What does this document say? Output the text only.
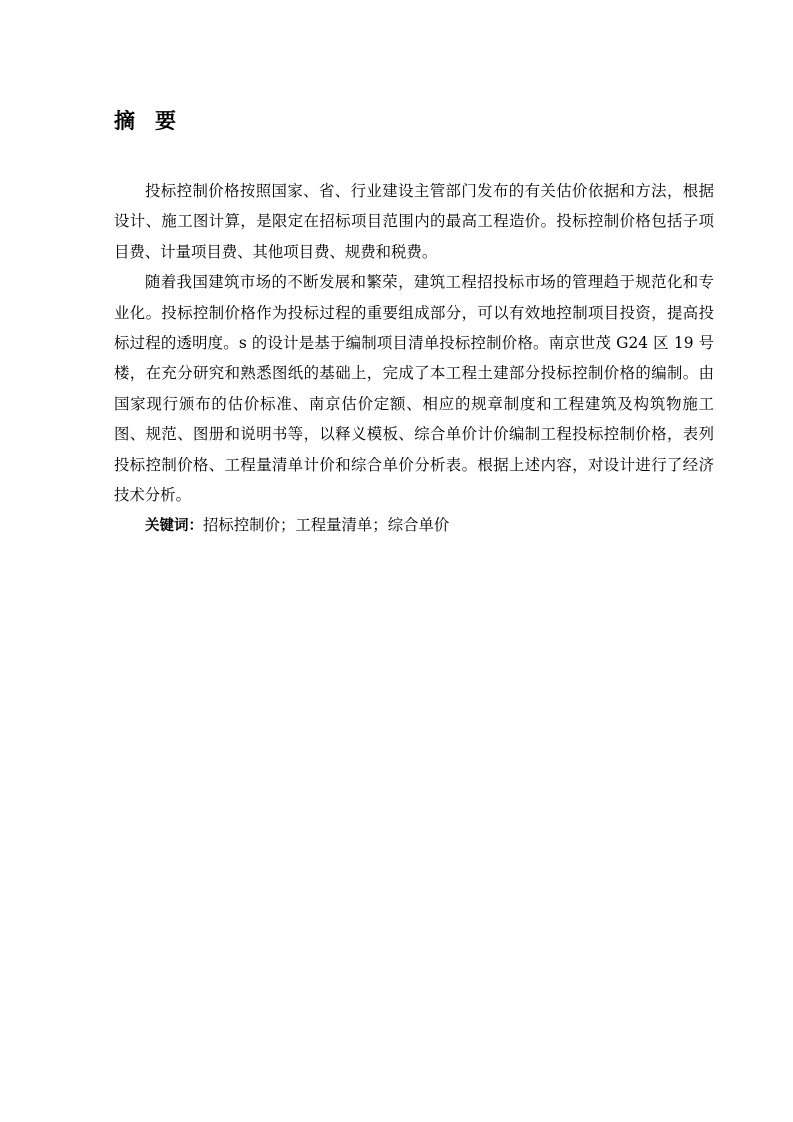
摘 要

投标控制价格按照国家、省、行业建设主管部门发布的有关估价依据和方法，根据设计、施工图计算，是限定在招标项目范围内的最高工程造价。投标控制价格包括子项目费、计量项目费、其他项目费、规费和税费。

随着我国建筑市场的不断发展和繁荣，建筑工程招投标市场的管理趋于规范化和专业化。投标控制价格作为投标过程的重要组成部分，可以有效地控制项目投资，提高投标过程的透明度。s 的设计是基于编制项目清单投标控制价格。南京世茂 G24 区 19 号楼，在充分研究和熟悉图纸的基础上，完成了本工程土建部分投标控制价格的编制。由国家现行颁布的估价标准、南京估价定额、相应的规章制度和工程建筑及构筑物施工图、规范、图册和说明书等，以释义模板、综合单价计价编制工程投标控制价格，表列投标控制价格、工程量清单计价和综合单价分析表。根据上述内容，对设计进行了经济技术分析。

关键词：招标控制价；工程量清单；综合单价
